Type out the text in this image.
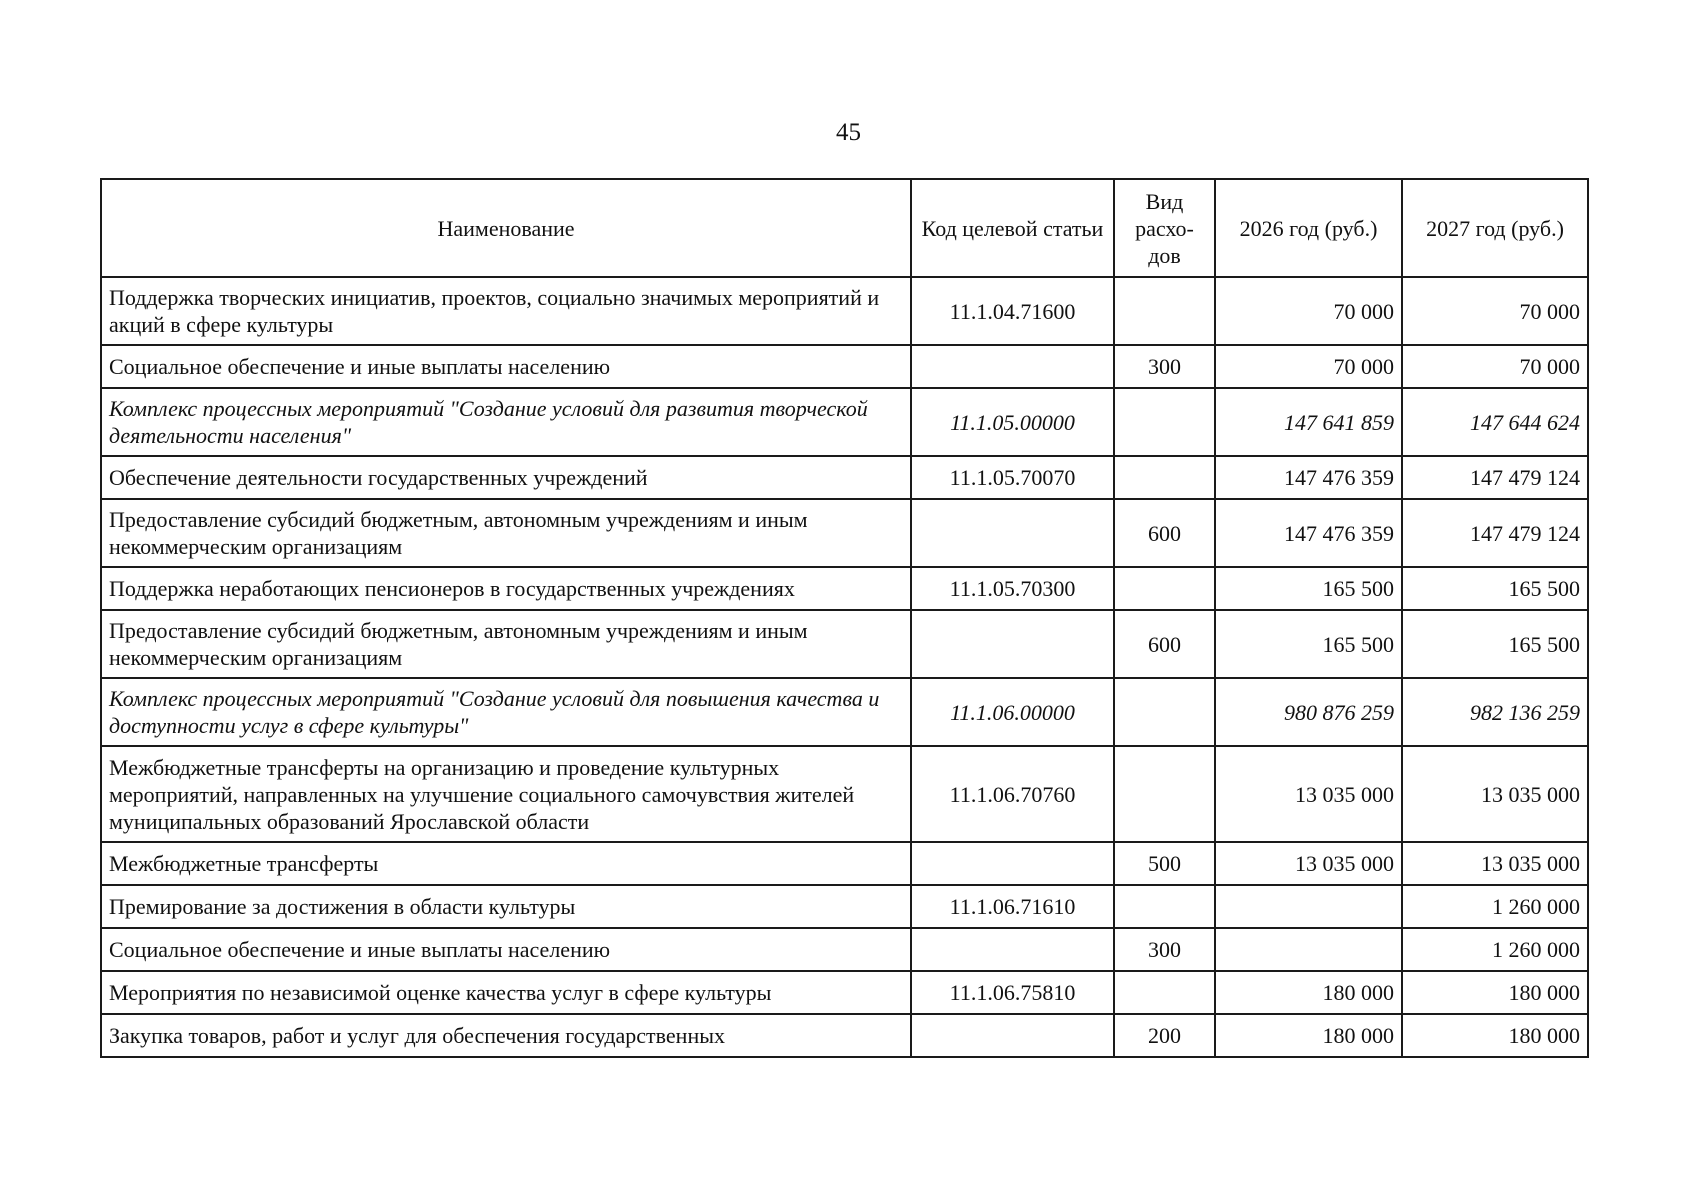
45
Наименование	Код целевой статьи	Вид расхо-дов	2026 год (руб.)	2027 год (руб.)
Поддержка творческих инициатив, проектов, социально значимых мероприятий и акций в сфере культуры	11.1.04.71600		70 000	70 000
Социальное обеспечение и иные выплаты населению		300	70 000	70 000
Комплекс процессных мероприятий "Создание условий для развития творческой деятельности населения"	11.1.05.00000		147 641 859	147 644 624
Обеспечение деятельности государственных учреждений	11.1.05.70070		147 476 359	147 479 124
Предоставление субсидий бюджетным, автономным учреждениям и иным некоммерческим организациям		600	147 476 359	147 479 124
Поддержка неработающих пенсионеров в государственных учреждениях	11.1.05.70300		165 500	165 500
Предоставление субсидий бюджетным, автономным учреждениям и иным некоммерческим организациям		600	165 500	165 500
Комплекс процессных мероприятий "Создание условий для повышения качества и доступности услуг в сфере культуры"	11.1.06.00000		980 876 259	982 136 259
Межбюджетные трансферты на организацию и проведение культурных мероприятий, направленных на улучшение социального самочувствия жителей муниципальных образований Ярославской области	11.1.06.70760		13 035 000	13 035 000
Межбюджетные трансферты		500	13 035 000	13 035 000
Премирование за достижения в области культуры	11.1.06.71610			1 260 000
Социальное обеспечение и иные выплаты населению		300		1 260 000
Мероприятия по независимой оценке качества услуг в сфере культуры	11.1.06.75810		180 000	180 000
Закупка товаров, работ и услуг для обеспечения государственных		200	180 000	180 000
